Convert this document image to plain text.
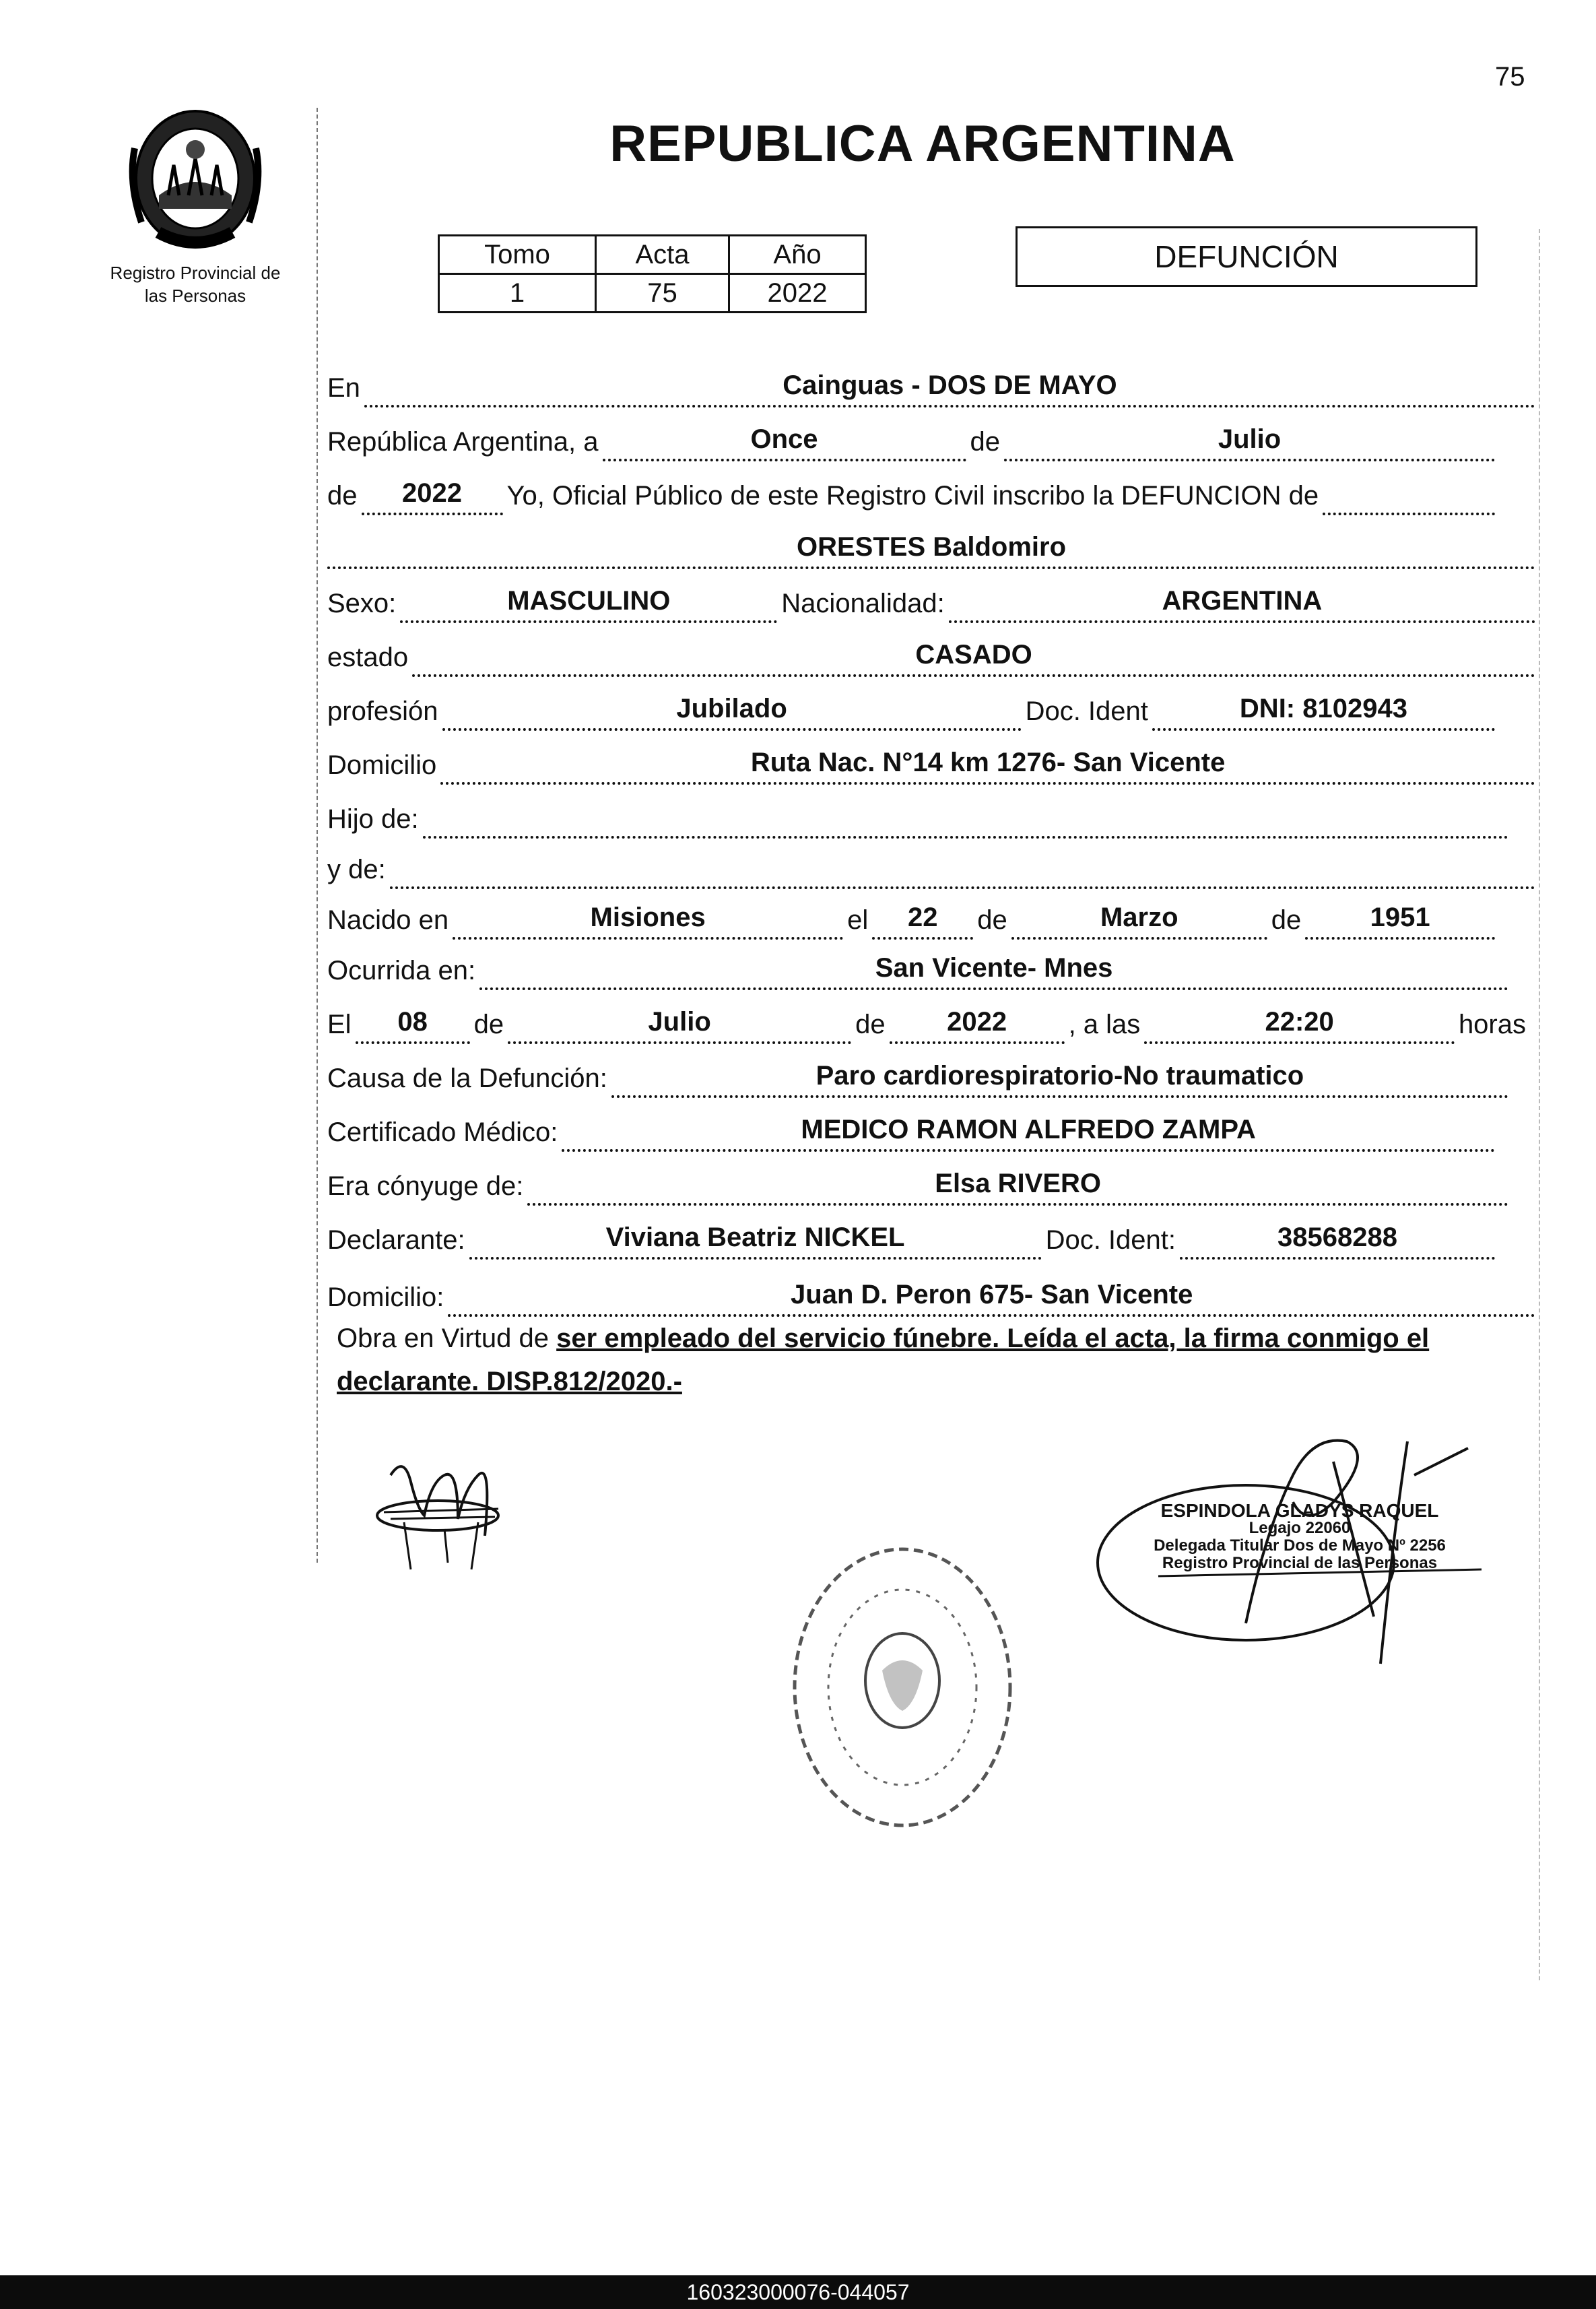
75
REPUBLICA ARGENTINA
Registro Provincial de
las Personas
Tomo	Acta	Año
1	75	2022
DEFUNCIÓN
En	Cainguas - DOS DE MAYO
República Argentina, a	Once	de	Julio
de	2022	Yo, Oficial Público de este Registro Civil inscribo la DEFUNCION de
ORESTES Baldomiro
Sexo:	MASCULINO	Nacionalidad:	ARGENTINA
estado	CASADO
profesión	Jubilado	Doc. Ident	DNI: 8102943
Domicilio	Ruta Nac. N°14 km 1276- San Vicente
Hijo de:
y de:
Nacido en	Misiones	el	22	de	Marzo	de	1951
Ocurrida en:	San Vicente- Mnes
El	08	de	Julio	de	2022	, a las	22:20	horas
Causa de la Defunción:	Paro cardiorespiratorio-No traumatico
Certificado Médico:	MEDICO RAMON ALFREDO ZAMPA
Era cónyuge de:	Elsa RIVERO
Declarante:	Viviana Beatriz NICKEL	Doc. Ident:	38568288
Domicilio:	Juan D. Peron 675- San Vicente
Obra en Virtud de ser empleado del servicio fúnebre. Leída el acta, la firma conmigo el
declarante. DISP.812/2020.-
ESPINDOLA GLADYS RAQUEL
Legajo 22060
Delegada Titular Dos de Mayo Nº 2256
Registro Provincial de las Personas
160323000076-044057
